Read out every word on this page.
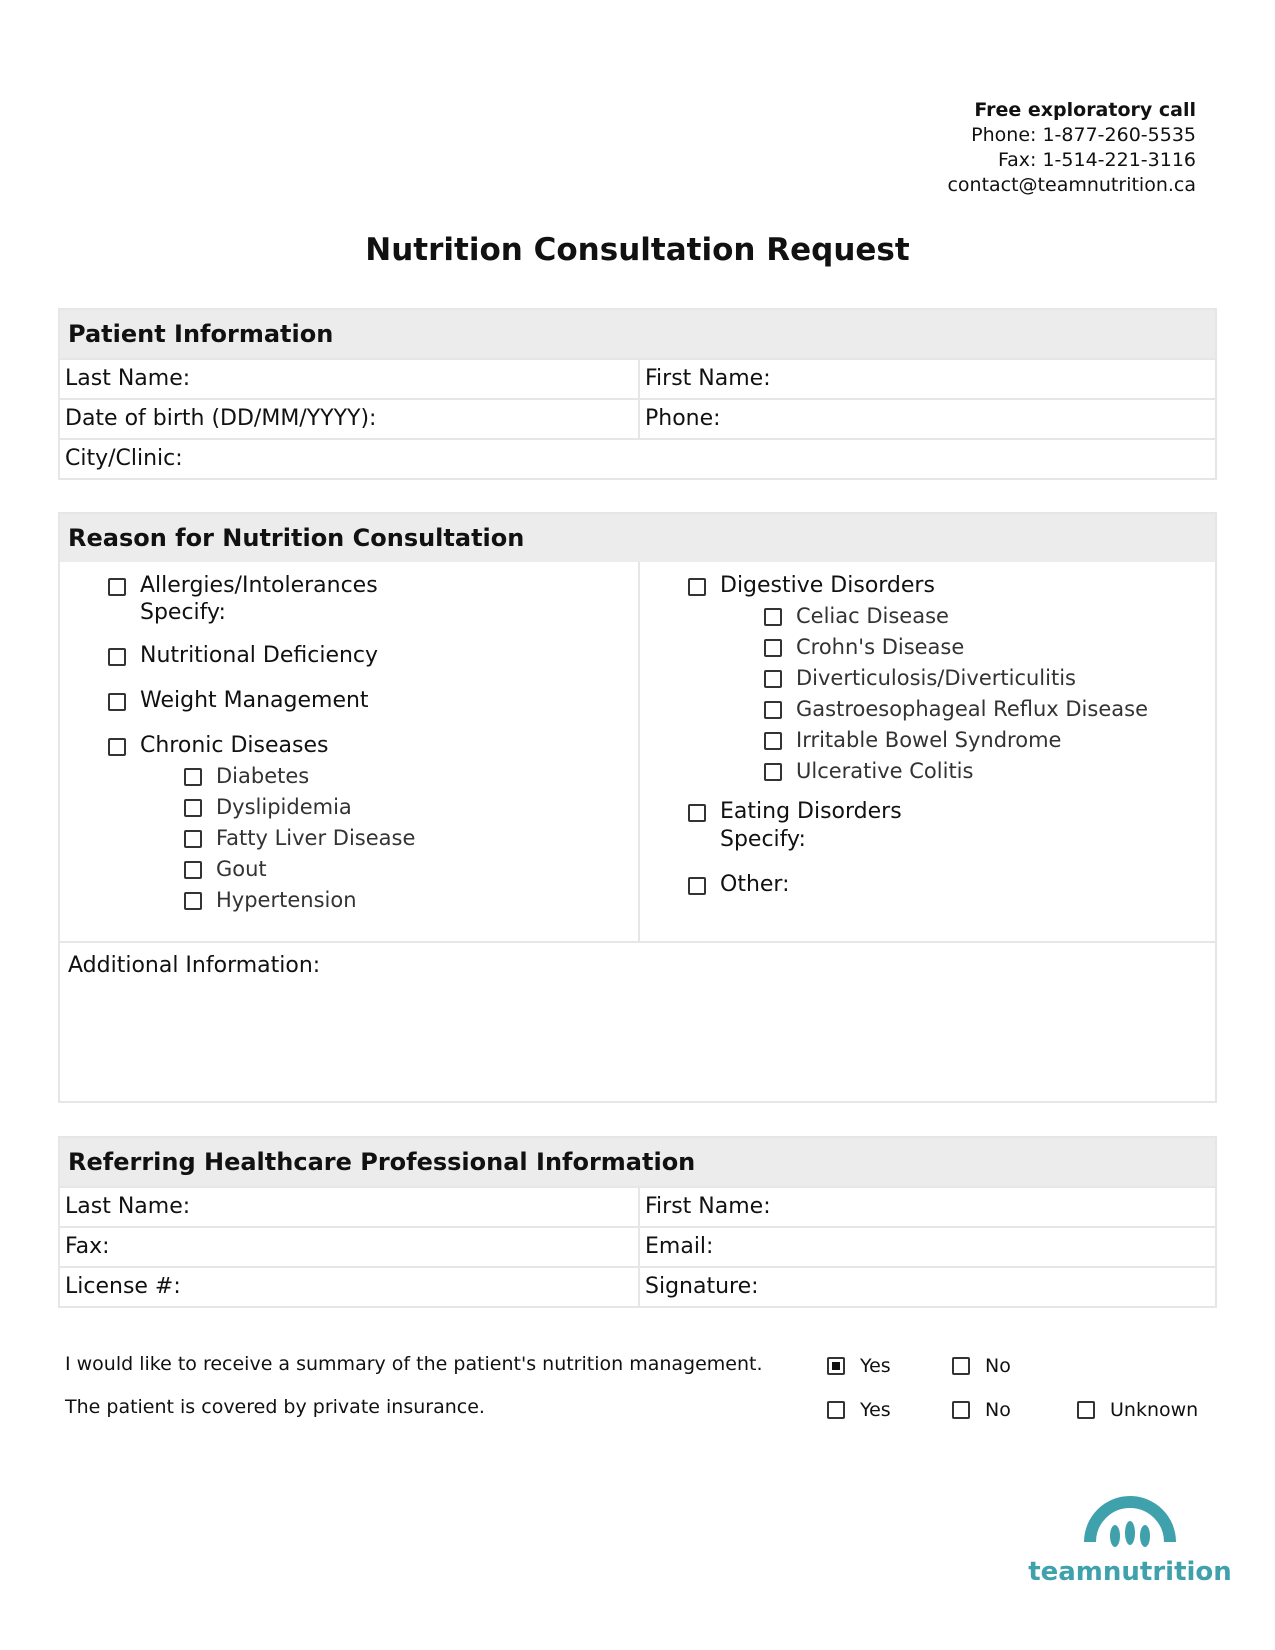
Free exploratory call
Phone: 1-877-260-5535
Fax: 1-514-221-3116
contact@teamnutrition.ca
Nutrition Consultation Request
Patient Information
Last Name:	First Name:
Date of birth (DD/MM/YYYY):	Phone:
City/Clinic:
Reason for Nutrition Consultation
Allergies/Intolerances
Specify:
Nutritional Deficiency
Weight Management
Chronic Diseases
Diabetes
Dyslipidemia
Fatty Liver Disease
Gout
Hypertension
Digestive Disorders
Celiac Disease
Crohn's Disease
Diverticulosis/Diverticulitis
Gastroesophageal Reflux Disease
Irritable Bowel Syndrome
Ulcerative Colitis
Eating Disorders
Specify:
Other:
Additional Information:
Referring Healthcare Professional Information
Last Name:	First Name:
Fax:	Email:
License #:	Signature:
I would like to receive a summary of the patient's nutrition management.	Yes	No
The patient is covered by private insurance.	Yes	No	Unknown
teamnutrition
